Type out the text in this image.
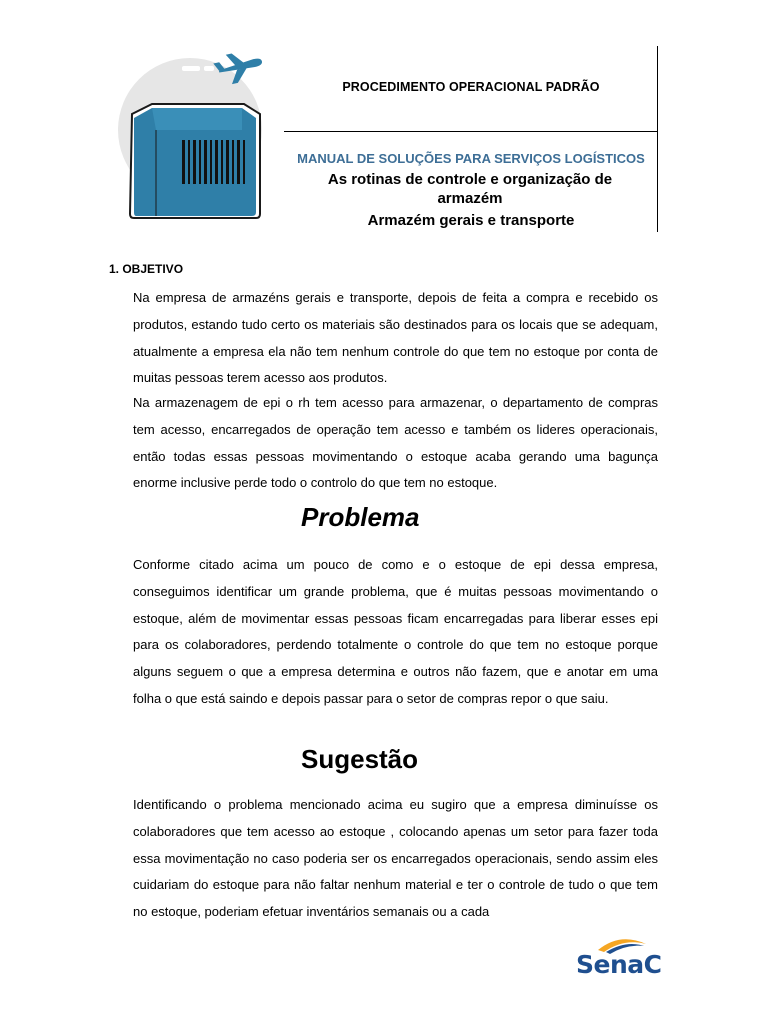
PROCEDIMENTO OPERACIONAL PADRÃO
MANUAL DE SOLUÇÕES PARA SERVIÇOS LOGÍSTICOS
As rotinas de controle e organização de armazém
Armazém gerais e transporte
1. OBJETIVO

Na empresa de armazéns gerais e transporte, depois de feita a compra e recebido os produtos, estando tudo certo os materiais são destinados para os locais que se adequam, atualmente a empresa ela não tem nenhum controle do que tem no estoque por conta de muitas pessoas terem acesso aos produtos.

Na armazenagem de epi o rh tem acesso para armazenar, o departamento de compras tem acesso, encarregados de operação tem acesso e também os lideres operacionais, então todas essas pessoas movimentando o estoque acaba gerando uma bagunça enorme inclusive perde todo o controlo do que tem no estoque.

Problema

Conforme citado acima um pouco de como e o estoque de epi dessa empresa, conseguimos identificar um grande problema, que é muitas pessoas movimentando o estoque, além de movimentar essas pessoas ficam encarregadas para liberar esses epi para os colaboradores, perdendo totalmente o controle do que tem no estoque porque alguns seguem o que a empresa determina e outros não fazem, que e anotar em uma folha o que está saindo e depois passar para o setor de compras repor o que saiu.

Sugestão

Identificando o problema mencionado acima eu sugiro que a empresa diminuísse os colaboradores que tem acesso ao estoque , colocando apenas um setor para fazer toda essa movimentação no caso poderia ser os encarregados operacionais, sendo assim eles cuidariam do estoque para não faltar nenhum material e ter o controle de tudo o que tem no estoque, poderiam efetuar inventários semanais ou a cada

SenaC
